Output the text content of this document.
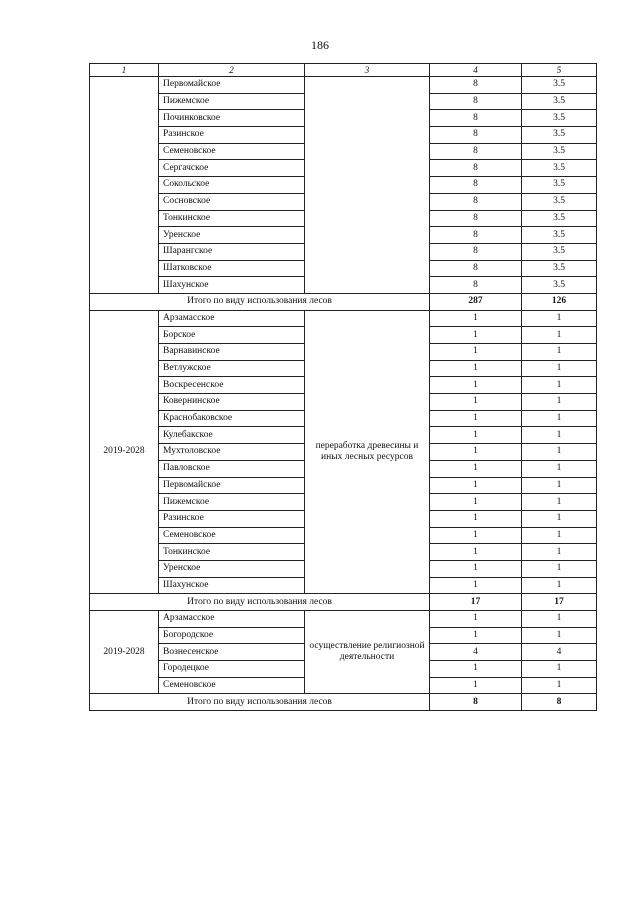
186
1	2	3	4	5
	Первомайское		8	3.5
	Пижемское		8	3.5
	Починковское		8	3.5
	Разинское		8	3.5
	Семеновское		8	3.5
	Сергачское		8	3.5
	Сокольское		8	3.5
	Сосновское		8	3.5
	Тонкинское		8	3.5
	Уренское		8	3.5
	Шарангское		8	3.5
	Шатковское		8	3.5
	Шахунское		8	3.5
Итого по виду использования лесов			287	126
2019-2028	Арзамасское	переработка древесины и иных лесных ресурсов	1	1
	Борское		1	1
	Варнавинское		1	1
	Ветлужское		1	1
	Воскресенское		1	1
	Ковернинское		1	1
	Краснобаковское		1	1
	Кулебакское		1	1
	Мухтоловское		1	1
	Павловское		1	1
	Первомайское		1	1
	Пижемское		1	1
	Разинское		1	1
	Семеновское		1	1
	Тонкинское		1	1
	Уренское		1	1
	Шахунское		1	1
Итого по виду использования лесов			17	17
2019-2028	Арзамасское	осуществление религиозной деятельности	1	1
	Богородское		1	1
	Вознесенское		4	4
	Городецкое		1	1
	Семеновское		1	1
Итого по виду использования лесов			8	8
